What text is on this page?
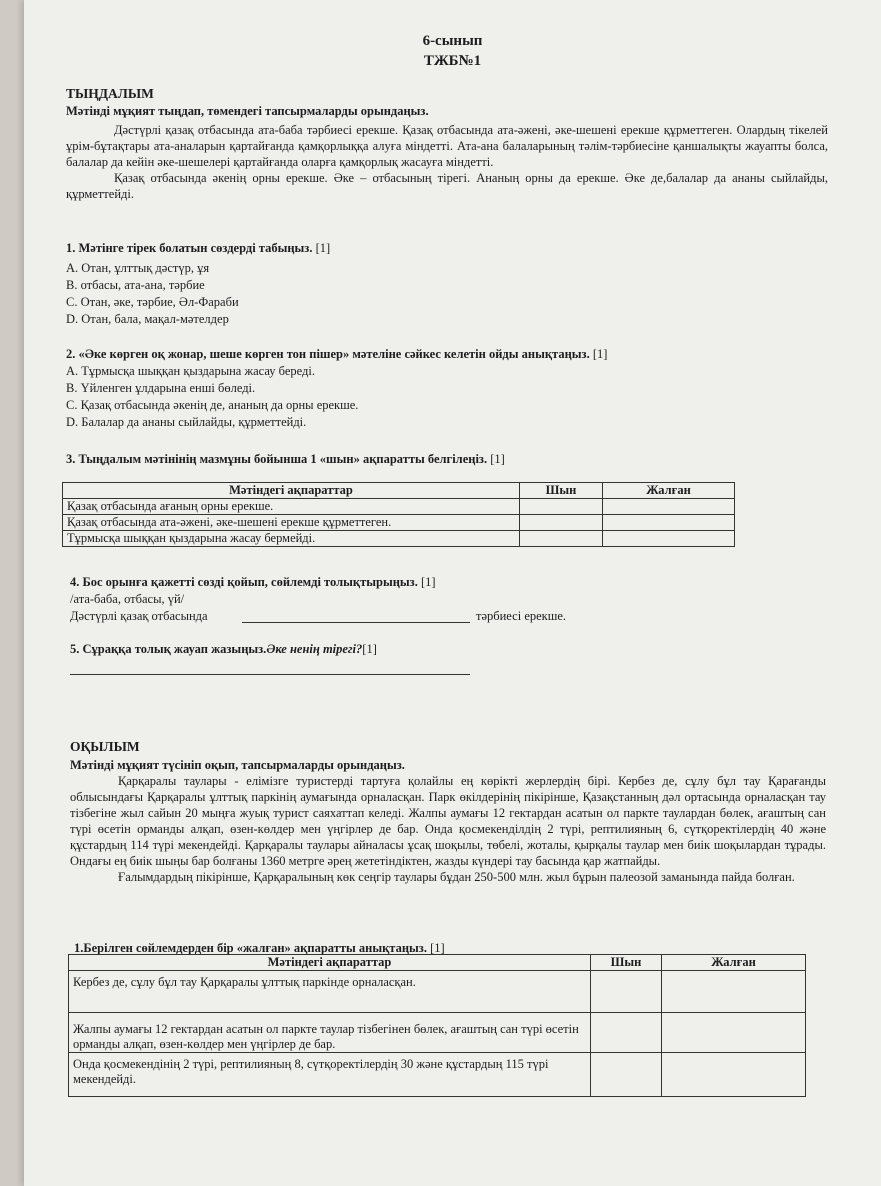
6-сынып
ТЖБ№1
ТЫҢДАЛЫМ
Мәтінді мұқият тыңдап, төмендегі тапсырмаларды орындаңыз.

Дәстүрлі қазақ отбасында ата-баба тәрбиесі ерекше. Қазақ отбасында ата-әжені, әке-шешені ерекше құрметтеген. Олардың тікелей ұрім-бұтақтары ата-аналарын қартайғанда қамқорлыққа алуға міндетті. Ата-ана балаларының тәлім-тәрбиесіне қаншалықты жауапты болса, балалар да кейін әке-шешелері қартайғанда оларға қамқорлық жасауға міндетті.

Қазақ отбасында әкенің орны ерекше. Әке – отбасының тірегі. Ананың орны да ерекше. Әке де,балалар да ананы сыйлайды, құрметтейді.

1. Мәтінге тірек болатын сөздерді табыңыз. [1]
A. Отан, ұлттық дәстүр, ұя
B. отбасы, ата-ана, тәрбие
C. Отан, әке, тәрбие, Әл-Фараби
D. Отан, бала, мақал-мәтелдер
2. «Әке көрген оқ жонар, шеше көрген тон пішер» мәтеліне сәйкес келетін ойды анықтаңыз. [1]
A. Тұрмысқа шыққан қыздарына жасау береді.
B. Үйленген ұлдарына енші бөледі.
C. Қазақ отбасында әкенің де, ананың да орны ерекше.
D. Балалар да ананы сыйлайды, құрметтейді.
3. Тыңдалым мәтінінің мазмұны бойынша 1 «шын» ақпаратты белгілеңіз. [1]
Мәтіндегі ақпараттар	Шын	Жалған
Қазақ отбасында ағаның орны ерекше.		
Қазақ отбасында ата-әжені, әке-шешені ерекше құрметтеген.		
Тұрмысқа шыққан қыздарына жасау бермейді.		
4. Бос орынға қажетті сөзді қойып, сөйлемді толықтырыңыз. [1]
/ата-баба, отбасы, үй/
Дәстүрлі қазақ отбасында	тәрбиесі ерекше.
5. Сұраққа толық жауап жазыңыз.Әке ненің тірегі?[1]
ОҚЫЛЫМ
Мәтінді мұқият түсініп оқып, тапсырмаларды орындаңыз.

Қарқаралы таулары - елімізге туристерді тартуға қолайлы ең көрікті жерлердің бірі. Кербез де, сұлу бұл тау Қарағанды облысындағы Қарқаралы ұлттық паркінің аумағында орналасқан. Парк өкілдерінің пікірінше, Қазақстанның дәл ортасында орналасқан тау тізбегіне жыл сайын 20 мыңға жуық турист саяхаттап келеді. Жалпы аумағы 12 гектардан асатын ол паркте таулардан бөлек, ағаштың сан түрі өсетін орманды алқап, өзен-көлдер мен үңгірлер де бар. Онда қосмекенділдің 2 түрі, рептилияның 6, сүтқоректілердің 40 және құстардың 114 түрі мекендейді. Қарқаралы таулары айналасы ұсақ шоқылы, төбелі, жоталы, қырқалы таулар мен биік шоқылардан тұрады. Ондағы ең биік шыңы бар болғаны 1360 метрге әрең жететіндіктен, жазды күндері тау басында қар жатпайды.

Ғалымдардың пікірінше, Қарқаралының көк сеңгір таулары бұдан 250-500 млн. жыл бұрын палеозой заманында пайда болған.

1.Берілген сөйлемдерден бір «жалған» ақпаратты анықтаңыз. [1]
Мәтіндегі ақпараттар	Шын	Жалған
Кербез де, сұлу бұл тау Қарқаралы ұлттық паркінде орналасқан.		
Жалпы аумағы 12 гектардан асатын ол паркте таулар тізбегінен бөлек, ағаштың сан түрі өсетін орманды алқап, өзен-көлдер мен үңгірлер де бар.		
Онда қосмекендінің 2 түрі, рептилияның 8, сүтқоректілердің 30 және құстардың 115 түрі мекендейді.		
